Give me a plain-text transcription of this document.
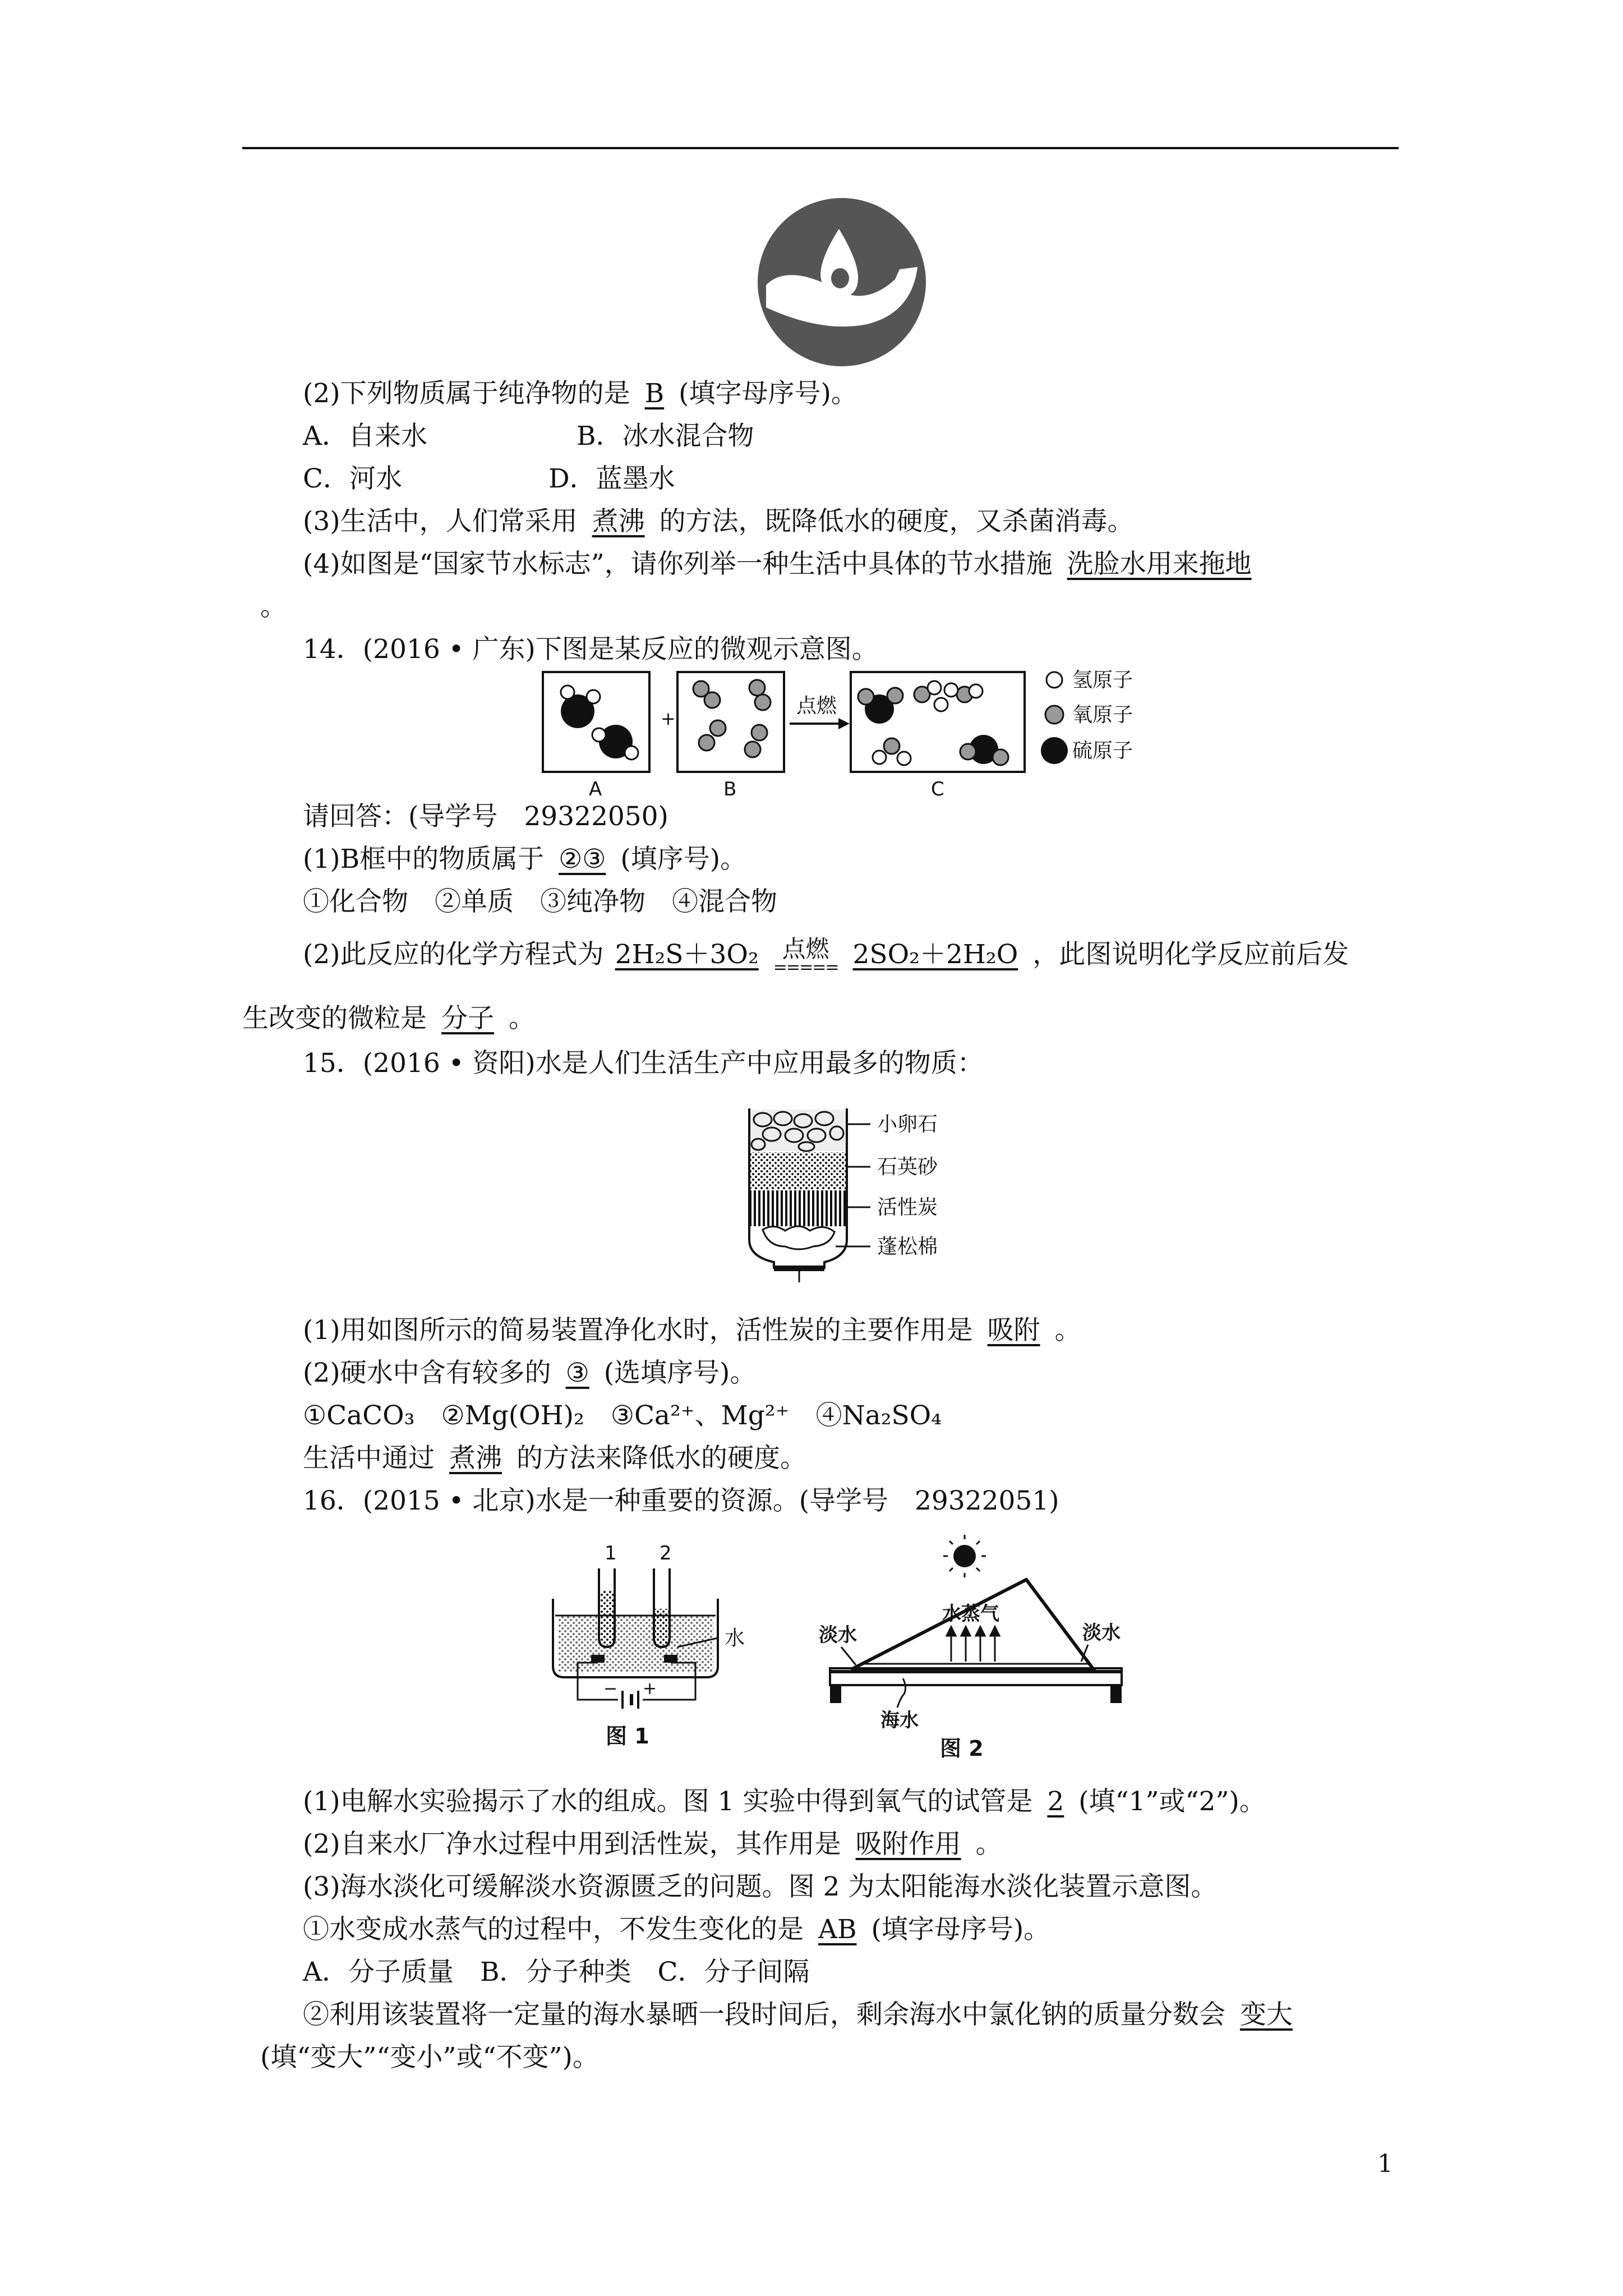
(2)下列物质属于纯净物的是 B (填字母序号)。
A．自来水	B．冰水混合物
C．河水	D．蓝墨水
(3)生活中，人们常采用 煮沸 的方法，既降低水的硬度，又杀菌消毒。
(4)如图是“国家节水标志”，请你列举一种生活中具体的节水措施 洗脸水用来拖地
。
14．(2016 • 广东)下图是某反应的微观示意图。
+
点燃
A	B	C
氢原子
氧原子
硫原子
请回答：(导学号　29322050)
(1)B框中的物质属于 ②③ (填序号)。
①化合物　②单质　③纯净物　④混合物
(2)此反应的化学方程式为 2H₂S＋3O₂ 点燃
===== 2SO₂＋2H₂O ，此图说明化学反应前后发
生改变的微粒是 分子 。
15．(2016 • 资阳)水是人们生活生产中应用最多的物质：
小卵石
石英砂
活性炭
蓬松棉
(1)用如图所示的简易装置净化水时，活性炭的主要作用是 吸附 。
(2)硬水中含有较多的 ③ (选填序号)。
①CaCO₃　②Mg(OH)₂　③Ca²⁺、Mg²⁺　④Na₂SO₄
生活中通过 煮沸 的方法来降低水的硬度。
16．(2015 • 北京)水是一种重要的资源。(导学号　29322051)
1 2
水
− +
图 1
水蒸气
淡水	淡水
海水
图 2
(1)电解水实验揭示了水的组成。图 1 实验中得到氧气的试管是 2 (填“1”或“2”)。
(2)自来水厂净水过程中用到活性炭，其作用是 吸附作用 。
(3)海水淡化可缓解淡水资源匮乏的问题。图 2 为太阳能海水淡化装置示意图。
①水变成水蒸气的过程中，不发生变化的是 AB (填字母序号)。
A．分子质量　B．分子种类　C．分子间隔
②利用该装置将一定量的海水暴晒一段时间后，剩余海水中氯化钠的质量分数会 变大
(填“变大”“变小”或“不变”)。
1
